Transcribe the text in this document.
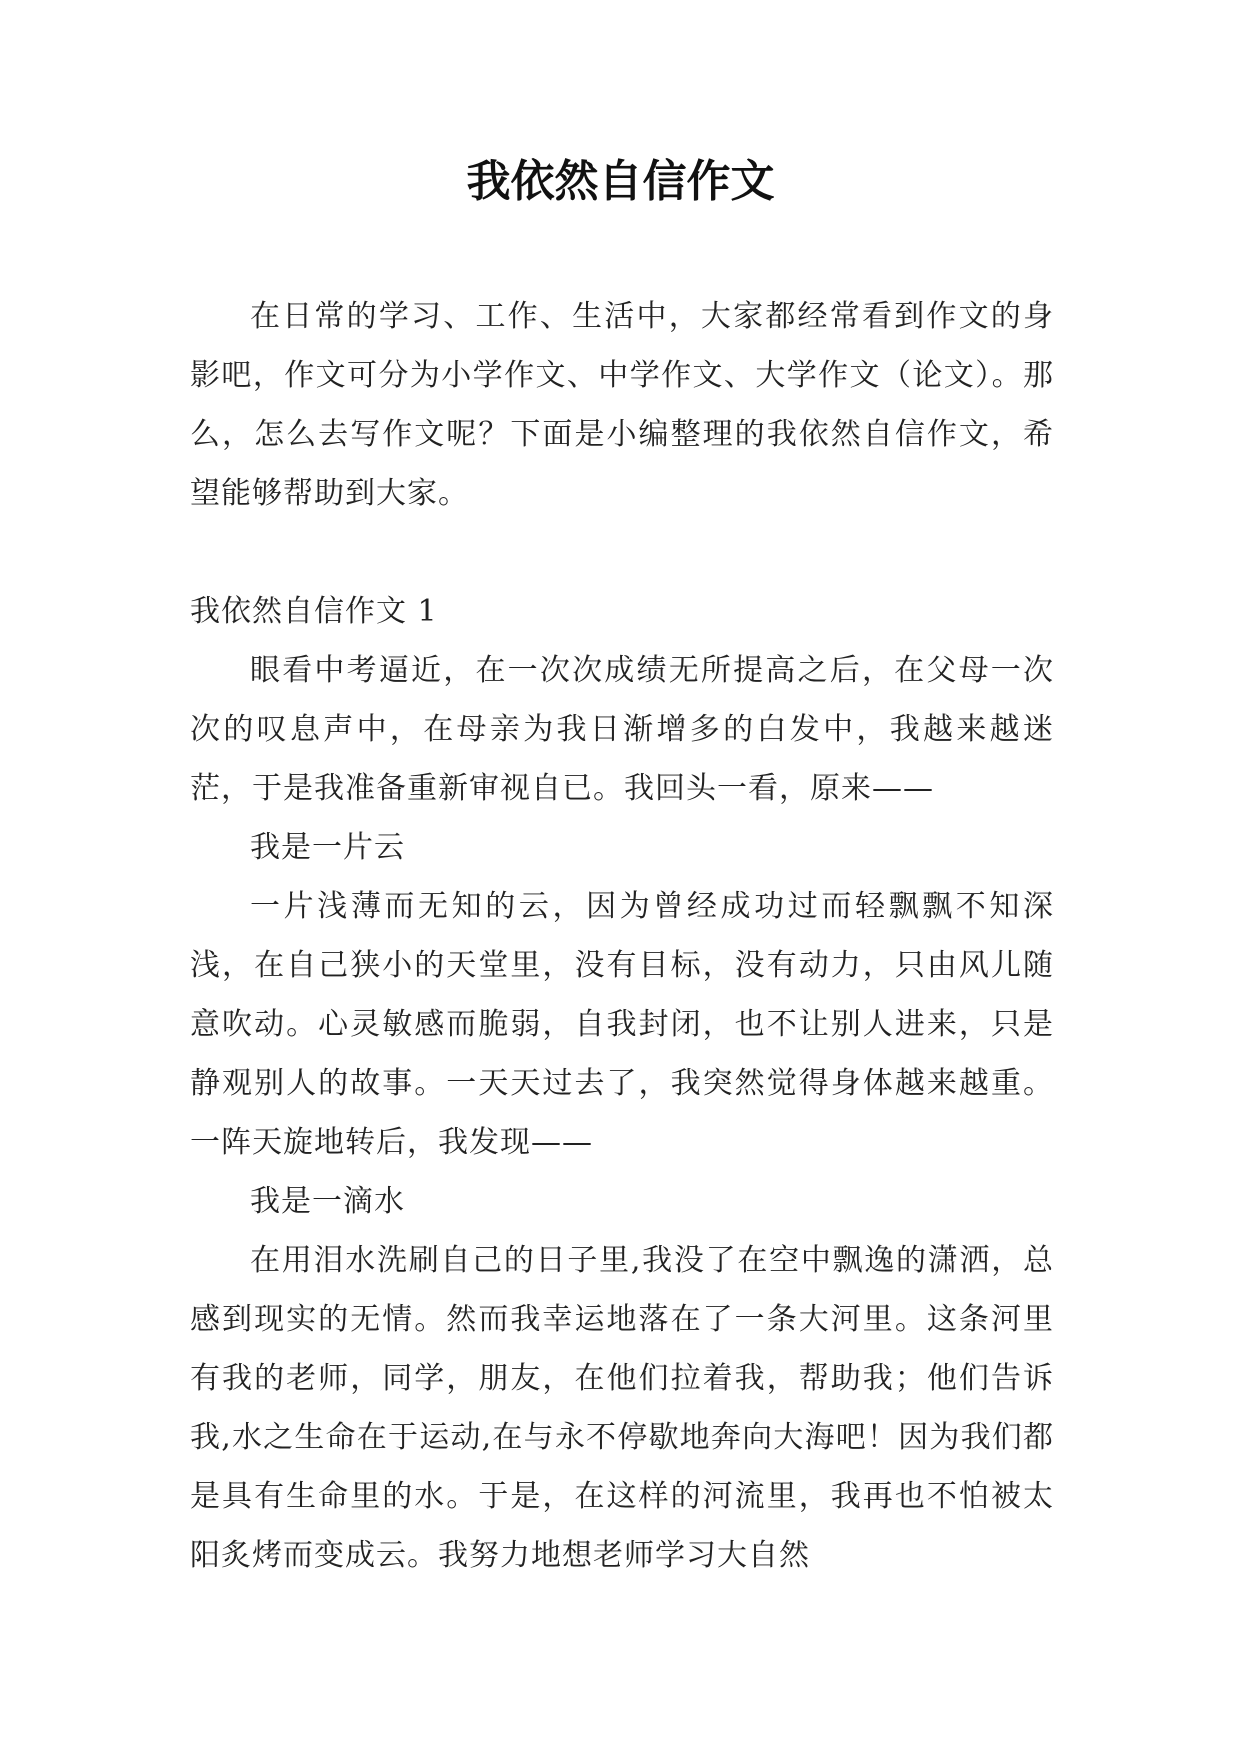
我依然自信作文

在日常的学习、工作、生活中，大家都经常看到作文的身影吧，作文可分为小学作文、中学作文、大学作文（论文）。那么，怎么去写作文呢？下面是小编整理的我依然自信作文，希望能够帮助到大家。

我依然自信作文 1

眼看中考逼近，在一次次成绩无所提高之后，在父母一次次的叹息声中，在母亲为我日渐增多的白发中，我越来越迷茫，于是我准备重新审视自已。我回头一看，原来——

我是一片云

一片浅薄而无知的云，因为曾经成功过而轻飘飘不知深浅，在自己狭小的天堂里，没有目标，没有动力，只由风儿随意吹动。心灵敏感而脆弱，自我封闭，也不让别人进来，只是静观别人的故事。一天天过去了，我突然觉得身体越来越重。一阵天旋地转后，我发现——

我是一滴水

在用泪水洗刷自己的日子里,我没了在空中飘逸的潇洒，总感到现实的无情。然而我幸运地落在了一条大河里。这条河里有我的老师，同学，朋友，在他们拉着我，帮助我；他们告诉我,水之生命在于运动,在与永不停歇地奔向大海吧！因为我们都是具有生命里的水。于是，在这样的河流里，我再也不怕被太阳炙烤而变成云。我努力地想老师学习大自然
